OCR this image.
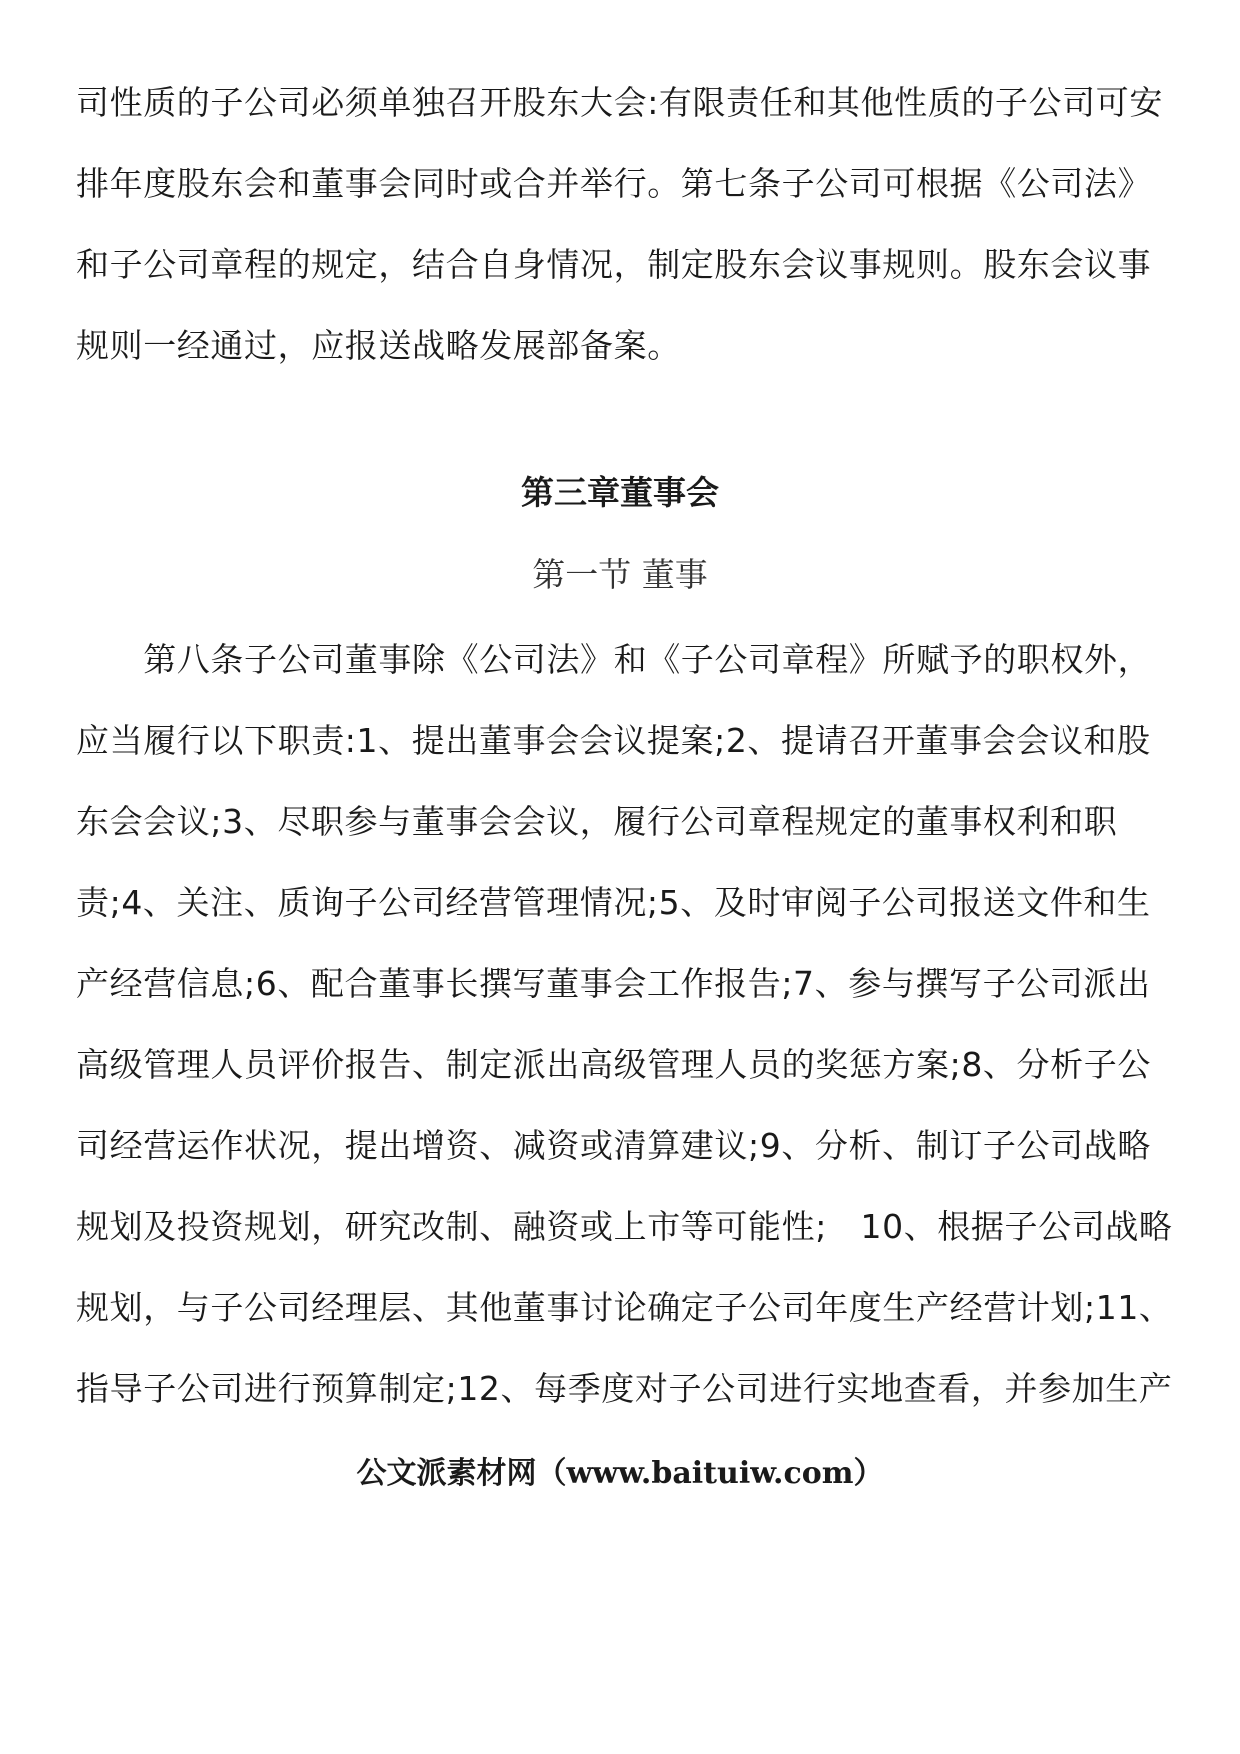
司性质的子公司必须单独召开股东大会:有限责任和其他性质的子公司可安
排年度股东会和董事会同时或合并举行。第七条子公司可根据《公司法》
和子公司章程的规定，结合自身情况，制定股东会议事规则。股东会议事
规则一经通过，应报送战略发展部备案。
第三章董事会
第一节 董事
　　第八条子公司董事除《公司法》和《子公司章程》所赋予的职权外，
应当履行以下职责:1、提出董事会会议提案;2、提请召开董事会会议和股
东会会议;3、尽职参与董事会会议，履行公司章程规定的董事权利和职
责;4、关注、质询子公司经营管理情况;5、及时审阅子公司报送文件和生
产经营信息;6、配合董事长撰写董事会工作报告;7、参与撰写子公司派出
高级管理人员评价报告、制定派出高级管理人员的奖惩方案;8、分析子公
司经营运作状况，提出增资、减资或清算建议;9、分析、制订子公司战略
规划及投资规划，研究改制、融资或上市等可能性;　10、根据子公司战略
规划，与子公司经理层、其他董事讨论确定子公司年度生产经营计划;11、
指导子公司进行预算制定;12、每季度对子公司进行实地查看，并参加生产
公文派素材网（www.baituiw.com）
